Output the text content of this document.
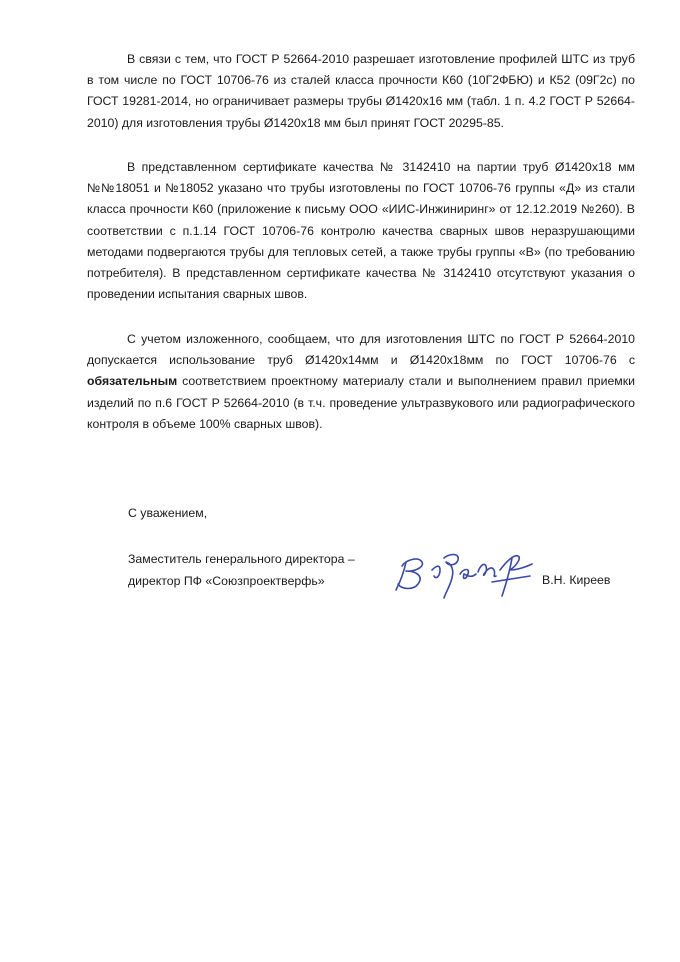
В связи с тем, что ГОСТ Р 52664-2010 разрешает изготовление профилей ШТС из труб
в том числе по ГОСТ 10706-76 из сталей класса прочности К60 (10Г2ФБЮ) и К52 (09Г2с) по
ГОСТ 19281-2014, но ограничивает размеры трубы Ø1420х16 мм (табл. 1 п. 4.2 ГОСТ Р 52664-
2010) для изготовления трубы Ø1420х18 мм был принят ГОСТ 20295-85.

В представленном сертификате качества № 3142410 на партии труб Ø1420х18 мм
№№18051 и №18052 указано что трубы изготовлены по ГОСТ 10706-76 группы «Д» из стали
класса прочности К60 (приложение к письму ООО «ИИС-Инжиниринг» от 12.12.2019 №260). В
соответствии с п.1.14 ГОСТ 10706-76 контролю качества сварных швов неразрушающими
методами подвергаются трубы для тепловых сетей, а также трубы группы «В» (по требованию
потребителя). В представленном сертификате качества № 3142410 отсутствуют указания о
проведении испытания сварных швов.

С учетом изложенного, сообщаем, что для изготовления ШТС по ГОСТ Р 52664-2010
допускается использование труб Ø1420х14мм и Ø1420х18мм по ГОСТ 10706-76 с
обязательным соответствием проектному материалу стали и выполнением правил приемки
изделий по п.6 ГОСТ Р 52664-2010 (в т.ч. проведение ультразвукового или радиографического
контроля в объеме 100% сварных швов).

С уважением,

Заместитель генерального директора –
директор ПФ «Союзпроектверфь»	В.Н. Киреев
